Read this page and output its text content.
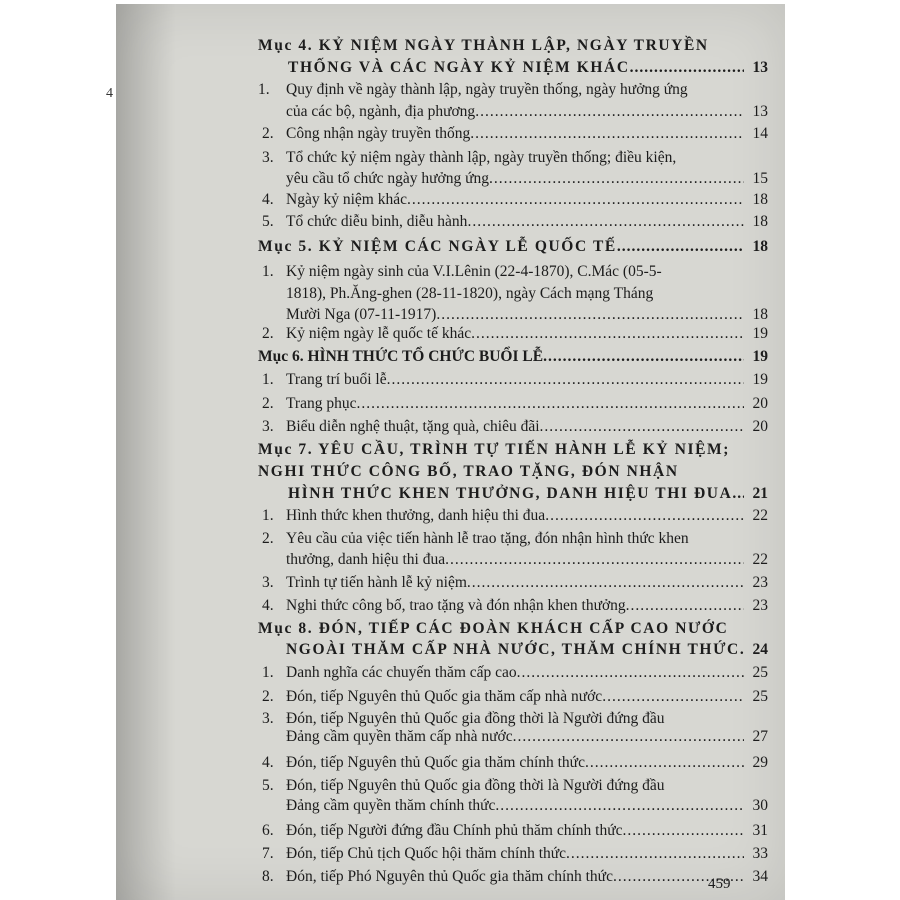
4
Mục 4. KỶ NIỆM NGÀY THÀNH LẬP, NGÀY TRUYỀN
THỐNG VÀ CÁC NGÀY KỶ NIỆM KHÁC .....	13
Quy định về ngày thành lập, ngày truyền thống, ngày hưởng ứng
1.
của các bộ, ngành, địa phương .....	13
2. Công nhận ngày truyền thống .....	14
3. Tổ chức kỷ niệm ngày thành lập, ngày truyền thống; điều kiện,
yêu cầu tổ chức ngày hưởng ứng .....	15
4. Ngày kỷ niệm khác .....	18
5. Tổ chức diễu binh, diễu hành .....	18
Mục 5. KỶ NIỆM CÁC NGÀY LỄ QUỐC TẾ .....	18
1. Kỷ niệm ngày sinh của V.I.Lênin (22-4-1870), C.Mác (05-5-
1818), Ph.Ăng-ghen (28-11-1820), ngày Cách mạng Tháng
Mười Nga (07-11-1917) .....	18
2. Kỷ niệm ngày lễ quốc tế khác .....	19
Mục 6. HÌNH THỨC TỔ CHỨC BUỔI LỄ .....	19
1. Trang trí buổi lễ .....	19
2. Trang phục .....	20
3. Biểu diễn nghệ thuật, tặng quà, chiêu đãi .....	20
Mục 7. YÊU CẦU, TRÌNH TỰ TIẾN HÀNH LỄ KỶ NIỆM;
NGHI THỨC CÔNG BỐ, TRAO TẶNG, ĐÓN NHẬN
HÌNH THỨC KHEN THƯỞNG, DANH HIỆU THI ĐUA .....	21
1. Hình thức khen thưởng, danh hiệu thi đua .....	22
2. Yêu cầu của việc tiến hành lễ trao tặng, đón nhận hình thức khen
thưởng, danh hiệu thi đua .....	22
3. Trình tự tiến hành lễ kỷ niệm .....	23
4. Nghi thức công bố, trao tặng và đón nhận khen thưởng .....	23
Mục 8. ĐÓN, TIẾP CÁC ĐOÀN KHÁCH CẤP CAO NƯỚC
NGOÀI THĂM CẤP NHÀ NƯỚC, THĂM CHÍNH THỨC ..... 24
1. Danh nghĩa các chuyến thăm cấp cao .....	25
2. Đón, tiếp Nguyên thủ Quốc gia thăm cấp nhà nước .....	25
3. Đón, tiếp Nguyên thủ Quốc gia đồng thời là Người đứng đầu
Đảng cầm quyền thăm cấp nhà nước .....	27
4. Đón, tiếp Nguyên thủ Quốc gia thăm chính thức .....	29
5. Đón, tiếp Nguyên thủ Quốc gia đồng thời là Người đứng đầu
Đảng cầm quyền thăm chính thức .....	30
6. Đón, tiếp Người đứng đầu Chính phủ thăm chính thức .....	31
7. Đón, tiếp Chủ tịch Quốc hội thăm chính thức .....	33
8. Đón, tiếp Phó Nguyên thủ Quốc gia thăm chính thức .....	34
459
